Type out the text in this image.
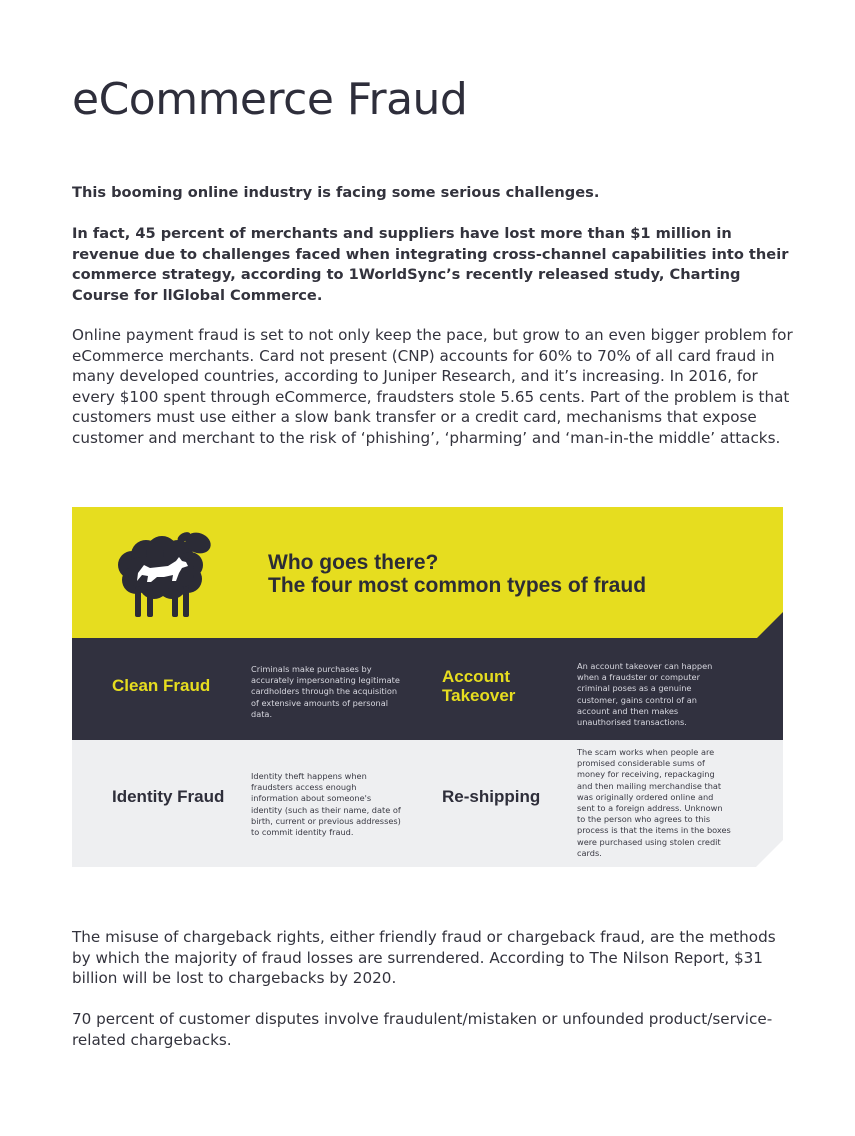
eCommerce Fraud

This booming online industry is facing some serious challenges.

In fact, 45 percent of merchants and suppliers have lost more than $1 million in revenue due to challenges faced when integrating cross-channel capabilities into their commerce strategy, according to 1WorldSync’s recently released study, Charting Course for llGlobal Commerce.

Online payment fraud is set to not only keep the pace, but grow to an even bigger problem for eCommerce merchants. Card not present (CNP) accounts for 60% to 70% of all card fraud in many developed countries, according to Juniper Research, and it’s increasing. In 2016, for every $100 spent through eCommerce, fraudsters stole 5.65 cents. Part of the problem is that customers must use either a slow bank transfer or a credit card, mechanisms that expose customer and merchant to the risk of ‘phishing’, ‘pharming’ and ‘man-in-the middle’ attacks.

Who goes there?
The four most common types of fraud
Clean Fraud
Criminals make purchases by accurately impersonating legitimate cardholders through the acquisition of extensive amounts of personal data.
Account Takeover
An account takeover can happen when a fraudster or computer criminal poses as a genuine customer, gains control of an account and then makes unauthorised transactions.
Identity Fraud
Identity theft happens when fraudsters access enough information about someone's identity (such as their name, date of birth, current or previous addresses) to commit identity fraud.
Re-shipping
The scam works when people are promised considerable sums of money for receiving, repackaging and then mailing merchandise that was originally ordered online and sent to a foreign address. Unknown to the person who agrees to this process is that the items in the boxes were purchased using stolen credit cards.

The misuse of chargeback rights, either friendly fraud or chargeback fraud, are the methods by which the majority of fraud losses are surrendered. According to The Nilson Report, $31 billion will be lost to chargebacks by 2020.

70 percent of customer disputes involve fraudulent/mistaken or unfounded product/service-related chargebacks.
